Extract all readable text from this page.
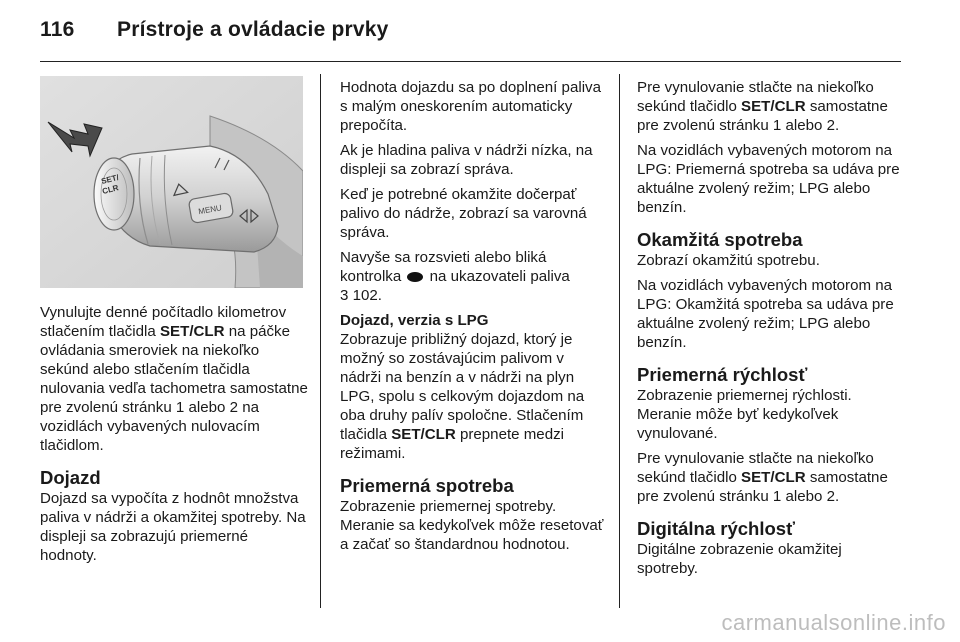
116 Prístroje a ovládacie prvky
SET/
CLR
MENU

Vynulujte denné počítadlo kilometrov stlačením tlačidla SET/CLR na páčke ovládania smeroviek na niekoľko sekúnd alebo stlačením tlačidla nulovania vedľa tachometra samostatne pre zvolenú stránku 1 alebo 2 na vozidlách vybavených nulovacím tlačidlom.

Dojazd

Dojazd sa vypočíta z hodnôt množstva paliva v nádrži a okamžitej spotreby. Na displeji sa zobrazujú priemerné hodnoty.

Hodnota dojazdu sa po doplnení paliva s malým oneskorením automaticky prepočíta.

Ak je hladina paliva v nádrži nízka, na displeji sa zobrazí správa.

Keď je potrebné okamžite dočerpať palivo do nádrže, zobrazí sa varovná správa.

Navyše sa rozsvieti alebo bliká kontrolka  na ukazovateli paliva
3 102.

Dojazd, verzia s LPG

Zobrazuje približný dojazd, ktorý je možný so zostávajúcim palivom v nádrži na benzín a v nádrži na plyn LPG, spolu s celkovým dojazdom na oba druhy palív spoločne. Stlačením tlačidla SET/CLR prepnete medzi režimami.

Priemerná spotreba

Zobrazenie priemernej spotreby. Meranie sa kedykoľvek môže resetovať a začať so štandardnou hodnotou.

Pre vynulovanie stlačte na niekoľko sekúnd tlačidlo SET/CLR samostatne pre zvolenú stránku 1 alebo 2.

Na vozidlách vybavených motorom na LPG: Priemerná spotreba sa udáva pre aktuálne zvolený režim; LPG alebo benzín.

Okamžitá spotreba

Zobrazí okamžitú spotrebu.

Na vozidlách vybavených motorom na LPG: Okamžitá spotreba sa udáva pre aktuálne zvolený režim; LPG alebo benzín.

Priemerná rýchlosť

Zobrazenie priemernej rýchlosti. Meranie môže byť kedykoľvek vynulované.

Pre vynulovanie stlačte na niekoľko sekúnd tlačidlo SET/CLR samostatne pre zvolenú stránku 1 alebo 2.

Digitálna rýchlosť

Digitálne zobrazenie okamžitej spotreby.

carmanualsonline.info
